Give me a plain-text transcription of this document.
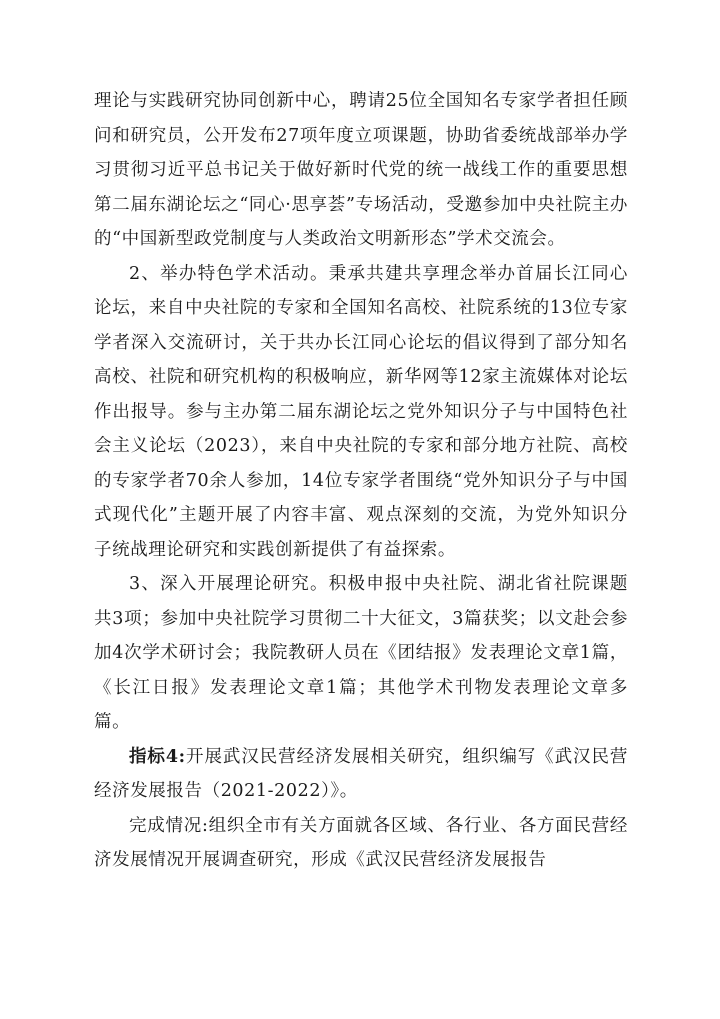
理论与实践研究协同创新中心，聘请25位全国知名专家学者担任顾问和研究员，公开发布27项年度立项课题，协助省委统战部举办学习贯彻习近平总书记关于做好新时代党的统一战线工作的重要思想第二届东湖论坛之“同心·思享荟”专场活动，受邀参加中央社院主办的“中国新型政党制度与人类政治文明新形态”学术交流会。

2、举办特色学术活动。秉承共建共享理念举办首届长江同心论坛，来自中央社院的专家和全国知名高校、社院系统的13位专家学者深入交流研讨，关于共办长江同心论坛的倡议得到了部分知名高校、社院和研究机构的积极响应，新华网等12家主流媒体对论坛作出报导。参与主办第二届东湖论坛之党外知识分子与中国特色社会主义论坛（2023），来自中央社院的专家和部分地方社院、高校的专家学者70余人参加，14位专家学者围绕“党外知识分子与中国式现代化”主题开展了内容丰富、观点深刻的交流，为党外知识分子统战理论研究和实践创新提供了有益探索。

3、深入开展理论研究。积极申报中央社院、湖北省社院课题共3项；参加中央社院学习贯彻二十大征文，3篇获奖；以文赴会参加4次学术研讨会；我院教研人员在《团结报》发表理论文章1篇，《长江日报》发表理论文章1篇；其他学术刊物发表理论文章多篇。

指标4:开展武汉民营经济发展相关研究，组织编写《武汉民营经济发展报告（2021-2022）》。

完成情况:组织全市有关方面就各区域、各行业、各方面民营经济发展情况开展调查研究，形成《武汉民营经济发展报告
